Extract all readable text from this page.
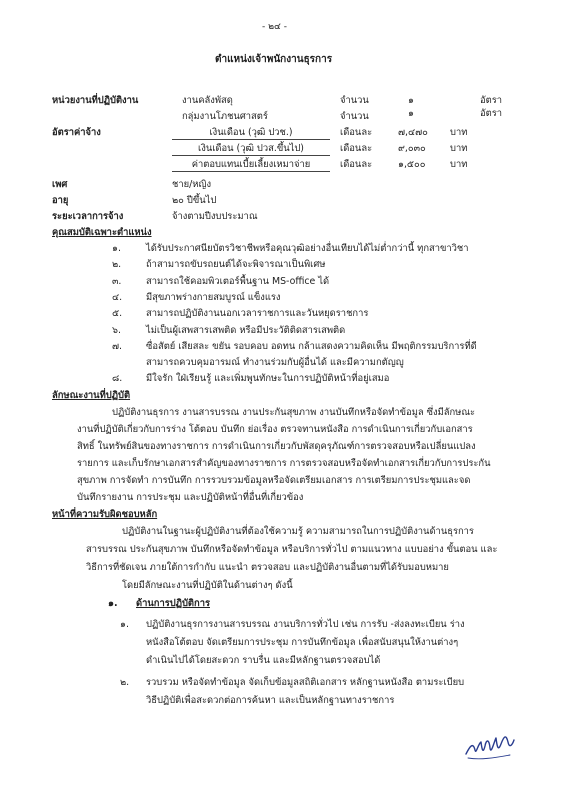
- ๒๔ -
ตำแหน่งเจ้าพนักงานธุรการ
หน่วยงานที่ปฏิบัติงาน	งานคลังพัสดุ	จำนวน	๑	อัตรา
กลุ่มงานโภชนศาสตร์	จำนวน	๑	อัตรา
อัตราค่าจ้าง	เงินเดือน (วุฒิ ปวช.)	เดือนละ	๗,๔๗๐ บาท
เงินเดือน (วุฒิ ปวส.ขึ้นไป)	เดือนละ	๙,๐๓๐	บาท
ค่าตอบแทนเบี้ยเลี้ยงเหมาจ่าย	เดือนละ	๑,๕๐๐	บาท
เพศ	ชาย/หญิง
อายุ	๒๐ ปีขึ้นไป
ระยะเวลาการจ้าง	จ้างตามปีงบประมาณ
คุณสมบัติเฉพาะตำแหน่ง
๑.	ได้รับประกาศนียบัตรวิชาชีพหรือคุณวุฒิอย่างอื่นเทียบได้ไม่ต่ำกว่านี้ ทุกสาขาวิชา
๒.	ถ้าสามารถขับรถยนต์ได้จะพิจารณาเป็นพิเศษ
๓.	สามารถใช้คอมพิวเตอร์พื้นฐาน MS-office ได้
๔.	มีสุขภาพร่างกายสมบูรณ์ แข็งแรง
๕.	สามารถปฏิบัติงานนอกเวลาราชการและวันหยุดราชการ
๖.	ไม่เป็นผู้เสพสารเสพติด หรือมีประวัติติดสารเสพติด
๗.	ซื่อสัตย์ เสียสละ ขยัน รอบคอบ อดทน กล้าแสดงความคิดเห็น มีพฤติกรรมบริการที่ดี
สามารถควบคุมอารมณ์ ทำงานร่วมกับผู้อื่นได้ และมีความกตัญญู
๘.	มีใจรัก ใฝ่เรียนรู้ และเพิ่มพูนทักษะในการปฏิบัติหน้าที่อยู่เสมอ
ลักษณะงานที่ปฏิบัติ
ปฏิบัติงานธุรการ งานสารบรรณ งานประกันสุขภาพ งานบันทึกหรือจัดทำข้อมูล ซึ่งมีลักษณะ
งานที่ปฏิบัติเกี่ยวกับการร่าง โต้ตอบ บันทึก ย่อเรื่อง ตรวจทานหนังสือ การดำเนินการเกี่ยวกับเอกสาร
สิทธิ์ ในทรัพย์สินของทางราชการ การดำเนินการเกี่ยวกับพัสดุครุภัณฑ์การตรวจสอบหรือเปลี่ยนแปลง
รายการ และเก็บรักษาเอกสารสำคัญของทางราชการ การตรวจสอบหรือจัดทำเอกสารเกี่ยวกับการประกัน
สุขภาพ การจัดทำ การบันทึก การรวบรวมข้อมูลหรือจัดเตรียมเอกสาร การเตรียมการประชุมและจด
บันทึกรายงาน การประชุม และปฏิบัติหน้าที่อื่นที่เกี่ยวข้อง
หน้าที่ความรับผิดชอบหลัก
ปฏิบัติงานในฐานะผู้ปฏิบัติงานที่ต้องใช้ความรู้ ความสามารถในการปฏิบัติงานด้านธุรการ
สารบรรณ ประกันสุขภาพ บันทึกหรือจัดทำข้อมูล หรือบริการทั่วไป ตามแนวทาง แบบอย่าง ขั้นตอน และ
วิธีการที่ชัดเจน ภายใต้การกำกับ แนะนำ ตรวจสอบ และปฏิบัติงานอื่นตามที่ได้รับมอบหมาย
โดยมีลักษณะงานที่ปฏิบัติในด้านต่างๆ ดังนี้
๑. ด้านการปฏิบัติการ
๑. ปฏิบัติงานธุรการงานสารบรรณ งานบริการทั่วไป เช่น การรับ -ส่งลงทะเบียน ร่าง
หนังสือโต้ตอบ จัดเตรียมการประชุม การบันทึกข้อมูล เพื่อสนับสนุนให้งานต่างๆ
ดำเนินไปได้โดยสะดวก ราบรื่น และมีหลักฐานตรวจสอบได้
๒. รวบรวม หรือจัดทำข้อมูล จัดเก็บข้อมูลสถิติเอกสาร หลักฐานหนังสือ ตามระเบียบ
วิธีปฏิบัติเพื่อสะดวกต่อการค้นหา และเป็นหลักฐานทางราชการ
